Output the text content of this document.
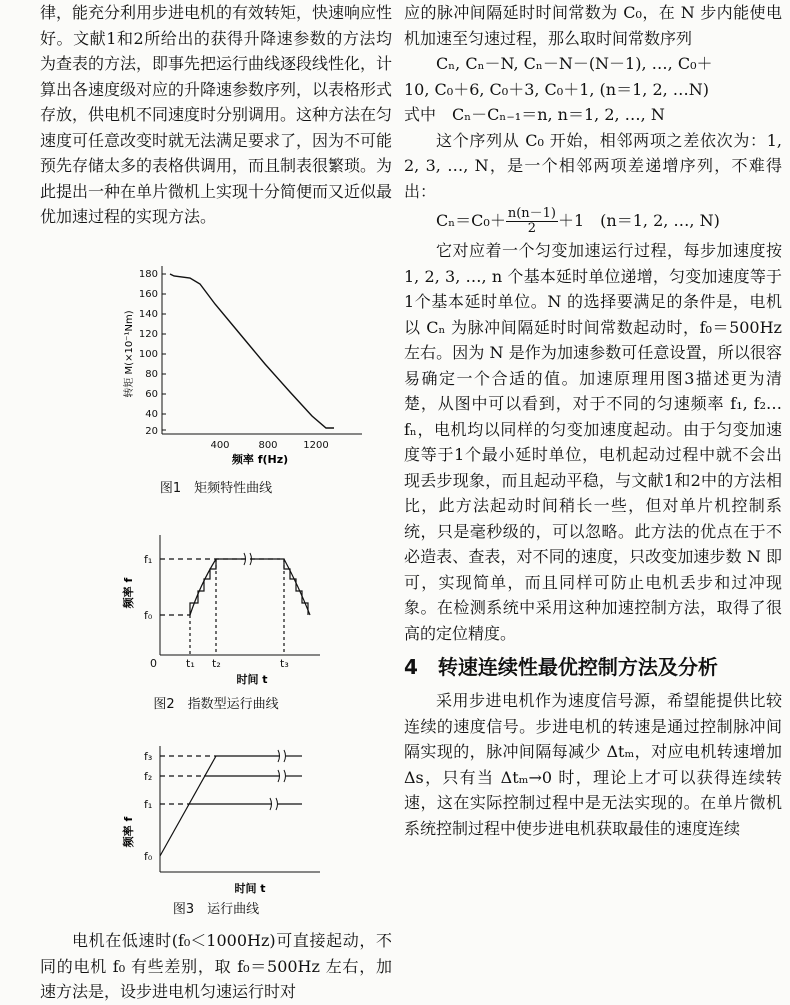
律，能充分利用步进电机的有效转矩，快速响应性好。文献1和2所给出的获得升降速参数的方法均为查表的方法，即事先把运行曲线逐段线性化，计算出各速度级对应的升降速参数序列，以表格形式存放，供电机不同速度时分别调用。这种方法在匀速度可任意改变时就无法满足要求了，因为不可能预先存储太多的表格供调用，而且制表很繁琐。为此提出一种在单片微机上实现十分简便而又近似最优加速过程的实现方法。

180
160
140
120
100
80
60
40
20
400	800	1200
转矩 M(×10⁻¹Nm)
频率 f(Hz)

图1　矩频特性曲线

f₁
f₀
0	t₁ t₂	t₃
频率 f
时间 t

图2　指数型运行曲线

f₃
f₂
f₁
f₀
频率 f
时间 t

图3　运行曲线

电机在低速时(f₀＜1000Hz)可直接起动，不同的电机 f₀ 有些差别，取 f₀＝500Hz 左右，加速方法是，设步进电机匀速运行时对

应的脉冲间隔延时时间常数为 C₀，在 N 步内能使电机加速至匀速过程，那么取时间常数序列

Cₙ, Cₙ－N, Cₙ－N－(N－1), …, C₀＋

10, C₀＋6, C₀＋3, C₀＋1, (n＝1, 2, …N)

式中　Cₙ－Cₙ₋₁＝n, n＝1, 2, …, N

这个序列从 C₀ 开始，相邻两项之差依次为：1, 2, 3, …, N，是一个相邻两项差递增序列，不难得出：

$C_n=C_0+ \frac{n(n-1)}{2} +1$　(n＝1, 2, …, N)

它对应着一个匀变加速运行过程，每步加速度按 1, 2, 3, …, n 个基本延时单位递增，匀变加速度等于1个基本延时单位。N 的选择要满足的条件是，电机以 Cₙ 为脉冲间隔延时时间常数起动时，f₀＝500Hz 左右。因为 N 是作为加速参数可任意设置，所以很容易确定一个合适的值。加速原理用图3描述更为清楚，从图中可以看到，对于不同的匀速频率 f₁, f₂…fₙ，电机均以同样的匀变加速度起动。由于匀变加速度等于1个最小延时单位，电机起动过程中就不会出现丢步现象，而且起动平稳，与文献1和2中的方法相比，此方法起动时间稍长一些，但对单片机控制系统，只是毫秒级的，可以忽略。此方法的优点在于不必造表、查表，对不同的速度，只改变加速步数 N 即可，实现简单，而且同样可防止电机丢步和过冲现象。在检测系统中采用这种加速控制方法，取得了很高的定位精度。

4　转速连续性最优控制方法及分析

采用步进电机作为速度信号源，希望能提供比较连续的速度信号。步进电机的转速是通过控制脉冲间隔实现的，脉冲间隔每减少 Δtₘ，对应电机转速增加 Δs，只有当 Δtₘ→0 时，理论上才可以获得连续转速，这在实际控制过程中是无法实现的。在单片微机系统控制过程中使步进电机获取最佳的速度连续
